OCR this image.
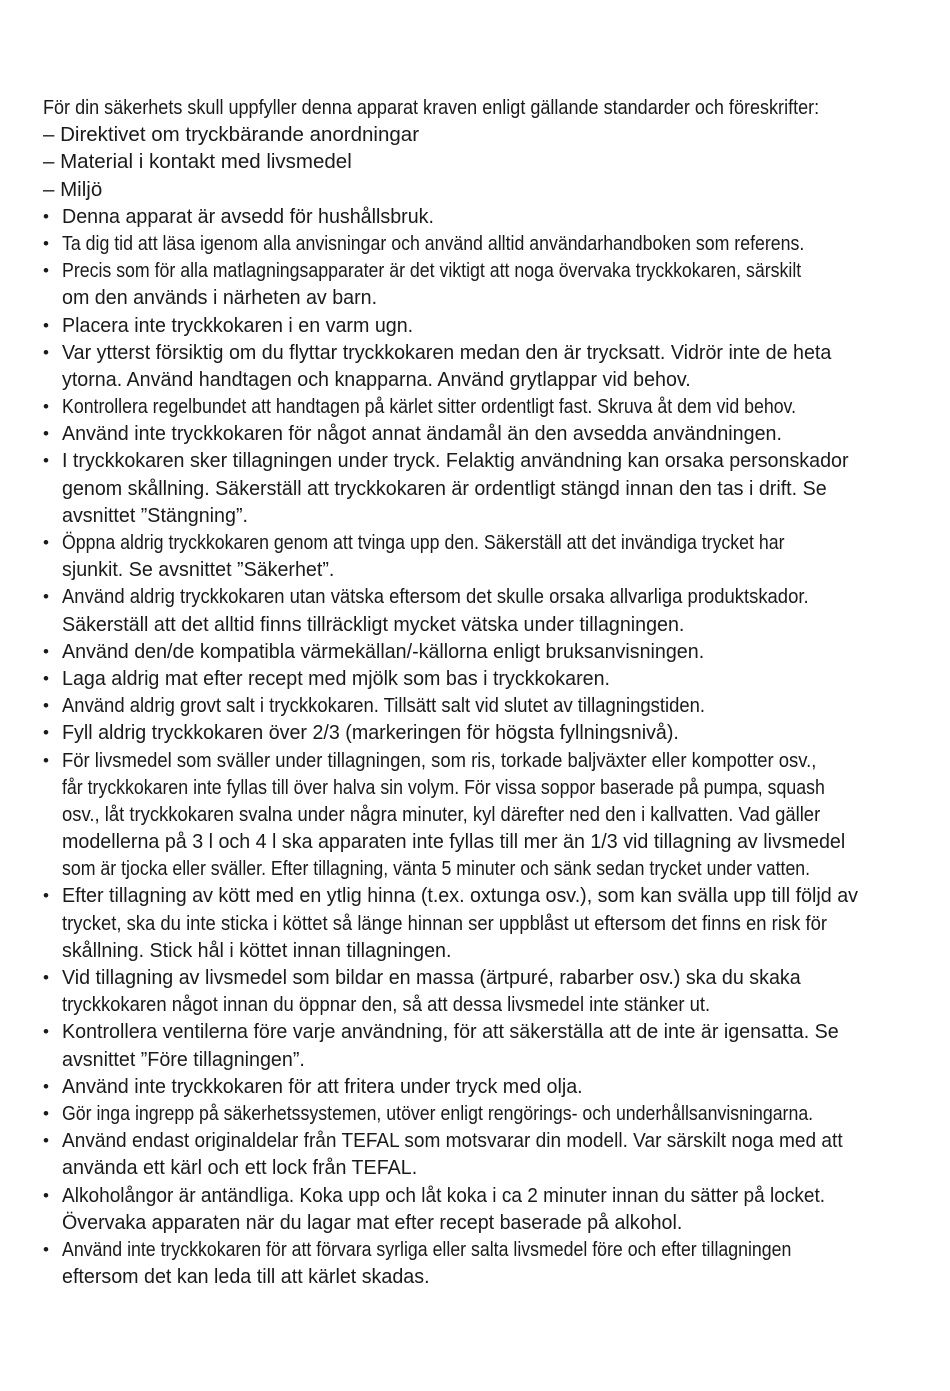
För din säkerhets skull uppfyller denna apparat kraven enligt gällande standarder och föreskrifter:
– Direktivet om tryckbärande anordningar
– Material i kontakt med livsmedel
– Miljö
• Denna apparat är avsedd för hushållsbruk.
• Ta dig tid att läsa igenom alla anvisningar och använd alltid användarhandboken som referens.
• Precis som för alla matlagningsapparater är det viktigt att noga övervaka tryckkokaren, särskilt
om den används i närheten av barn.
• Placera inte tryckkokaren i en varm ugn.
• Var ytterst försiktig om du flyttar tryckkokaren medan den är trycksatt. Vidrör inte de heta
ytorna. Använd handtagen och knapparna. Använd grytlappar vid behov.
• Kontrollera regelbundet att handtagen på kärlet sitter ordentligt fast. Skruva åt dem vid behov.
• Använd inte tryckkokaren för något annat ändamål än den avsedda användningen.
• I tryckkokaren sker tillagningen under tryck. Felaktig användning kan orsaka personskador
genom skållning. Säkerställ att tryckkokaren är ordentligt stängd innan den tas i drift. Se
avsnittet ”Stängning”.
• Öppna aldrig tryckkokaren genom att tvinga upp den. Säkerställ att det invändiga trycket har
sjunkit. Se avsnittet ”Säkerhet”.
• Använd aldrig tryckkokaren utan vätska eftersom det skulle orsaka allvarliga produktskador.
Säkerställ att det alltid finns tillräckligt mycket vätska under tillagningen.
• Använd den/de kompatibla värmekällan/-källorna enligt bruksanvisningen.
• Laga aldrig mat efter recept med mjölk som bas i tryckkokaren.
• Använd aldrig grovt salt i tryckkokaren. Tillsätt salt vid slutet av tillagningstiden.
• Fyll aldrig tryckkokaren över 2/3 (markeringen för högsta fyllningsnivå).
• För livsmedel som sväller under tillagningen, som ris, torkade baljväxter eller kompotter osv.,
får tryckkokaren inte fyllas till över halva sin volym. För vissa soppor baserade på pumpa, squash
osv., låt tryckkokaren svalna under några minuter, kyl därefter ned den i kallvatten. Vad gäller
modellerna på 3 l och 4 l ska apparaten inte fyllas till mer än 1/3 vid tillagning av livsmedel
som är tjocka eller sväller. Efter tillagning, vänta 5 minuter och sänk sedan trycket under vatten.
• Efter tillagning av kött med en ytlig hinna (t.ex. oxtunga osv.), som kan svälla upp till följd av
trycket, ska du inte sticka i köttet så länge hinnan ser uppblåst ut eftersom det finns en risk för
skållning. Stick hål i köttet innan tillagningen.
• Vid tillagning av livsmedel som bildar en massa (ärtpuré, rabarber osv.) ska du skaka
tryckkokaren något innan du öppnar den, så att dessa livsmedel inte stänker ut.
• Kontrollera ventilerna före varje användning, för att säkerställa att de inte är igensatta. Se
avsnittet ”Före tillagningen”.
• Använd inte tryckkokaren för att fritera under tryck med olja.
• Gör inga ingrepp på säkerhetssystemen, utöver enligt rengörings- och underhållsanvisningarna.
• Använd endast originaldelar från TEFAL som motsvarar din modell. Var särskilt noga med att
använda ett kärl och ett lock från TEFAL.
• Alkoholångor är antändliga. Koka upp och låt koka i ca 2 minuter innan du sätter på locket.
Övervaka apparaten när du lagar mat efter recept baserade på alkohol.
• Använd inte tryckkokaren för att förvara syrliga eller salta livsmedel före och efter tillagningen
eftersom det kan leda till att kärlet skadas.
